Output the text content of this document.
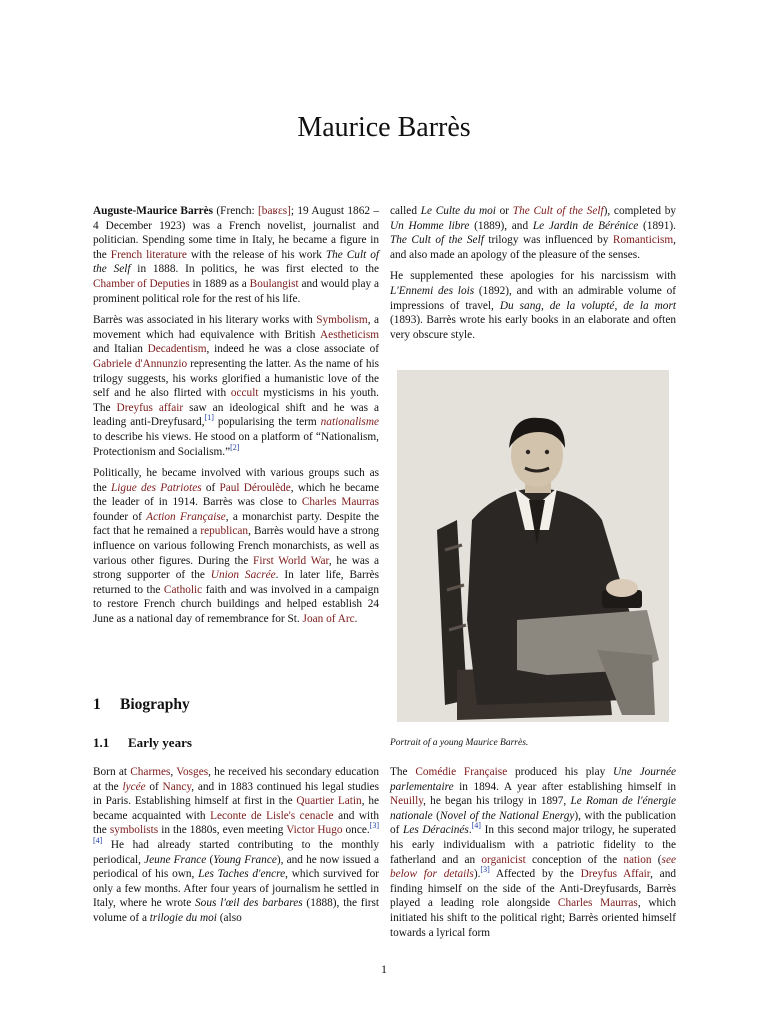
Maurice Barrès

Auguste-Maurice Barrès (French: [baʁɛs]; 19 August 1862 – 4 December 1923) was a French novelist, journalist and politician. Spending some time in Italy, he became a figure in the French literature with the release of his work The Cult of the Self in 1888. In politics, he was first elected to the Chamber of Deputies in 1889 as a Boulangist and would play a prominent political role for the rest of his life.

Barrès was associated in his literary works with Symbolism, a movement which had equivalence with British Aestheticism and Italian Decadentism, indeed he was a close associate of Gabriele d'Annunzio representing the latter. As the name of his trilogy suggests, his works glorified a humanistic love of the self and he also flirted with occult mysticisms in his youth. The Dreyfus affair saw an ideological shift and he was a leading anti-Dreyfusard,[1] popularising the term nationalisme to describe his views. He stood on a platform of “Nationalism, Protectionism and Socialism.”[2]

Politically, he became involved with various groups such as the Ligue des Patriotes of Paul Déroulède, which he became the leader of in 1914. Barrès was close to Charles Maurras founder of Action Française, a monarchist party. Despite the fact that he remained a republican, Barrès would have a strong influence on various following French monarchists, as well as various other figures. During the First World War, he was a strong supporter of the Union Sacrée. In later life, Barrès returned to the Catholic faith and was involved in a campaign to restore French church buildings and helped establish 24 June as a national day of remembrance for St. Joan of Arc.

called Le Culte du moi or The Cult of the Self), completed by Un Homme libre (1889), and Le Jardin de Bérénice (1891). The Cult of the Self trilogy was influenced by Romanticism, and also made an apology of the pleasure of the senses.

He supplemented these apologies for his narcissism with L'Ennemi des lois (1892), and with an admirable volume of impressions of travel, Du sang, de la volupté, de la mort (1893). Barrès wrote his early books in an elaborate and often very obscure style.

Portrait of a young Maurice Barrès.
1 Biography
1.1 Early years

Born at Charmes, Vosges, he received his secondary education at the lycée of Nancy, and in 1883 continued his legal studies in Paris. Establishing himself at first in the Quartier Latin, he became acquainted with Leconte de Lisle's cenacle and with the symbolists in the 1880s, even meeting Victor Hugo once.[3][4] He had already started contributing to the monthly periodical, Jeune France (Young France), and he now issued a periodical of his own, Les Taches d'encre, which survived for only a few months. After four years of journalism he settled in Italy, where he wrote Sous l'œil des barbares (1888), the first volume of a trilogie du moi (also

The Comédie Française produced his play Une Journée parlementaire in 1894. A year after establishing himself in Neuilly, he began his trilogy in 1897, Le Roman de l'énergie nationale (Novel of the National Energy), with the publication of Les Déracinés.[4] In this second major trilogy, he superated his early individualism with a patriotic fidelity to the fatherland and an organicist conception of the nation (see below for details).[3] Affected by the Dreyfus Affair, and finding himself on the side of the Anti-Dreyfusards, Barrès played a leading role alongside Charles Maurras, which initiated his shift to the political right; Barrès oriented himself towards a lyrical form

1
